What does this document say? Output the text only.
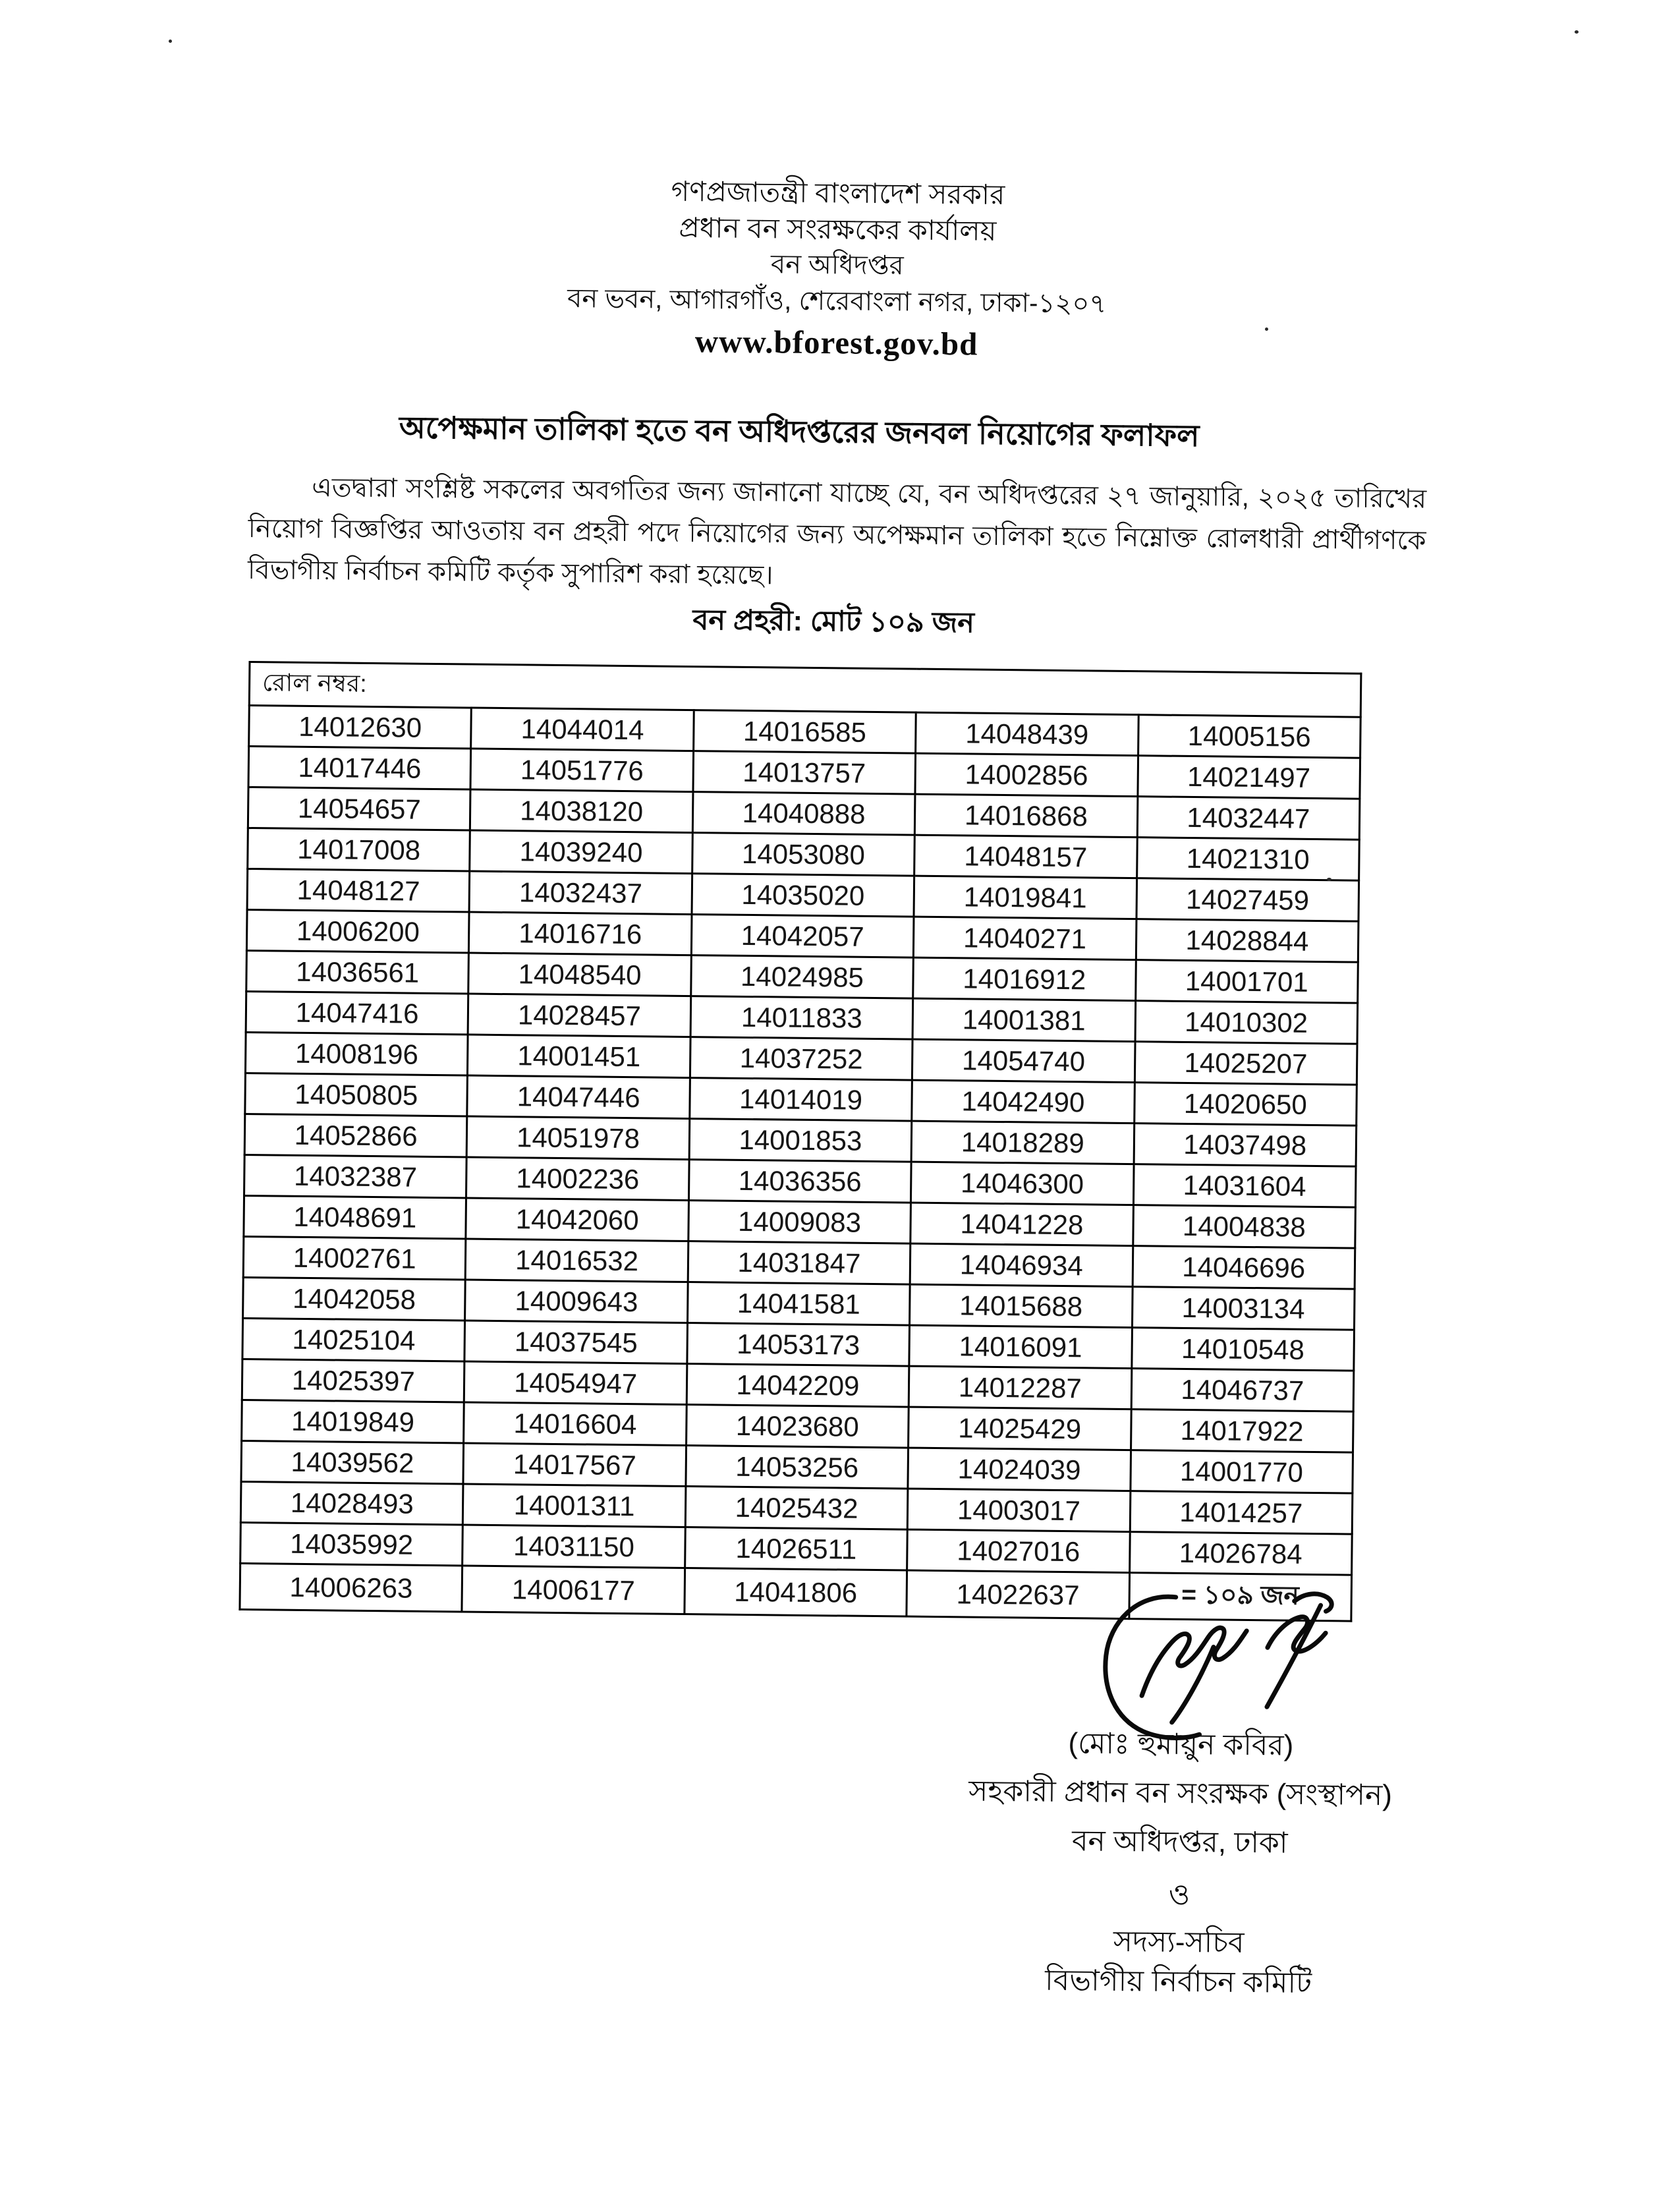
গণপ্রজাতন্ত্রী বাংলাদেশ সরকার
প্রধান বন সংরক্ষকের কার্যালয়
বন অধিদপ্তর
বন ভবন, আগারগাঁও, শেরেবাংলা নগর, ঢাকা-১২০৭
www.bforest.gov.bd
অপেক্ষমান তালিকা হতে বন অধিদপ্তরের জনবল নিয়োগের ফলাফল

এতদ্বারা সংশ্লিষ্ট সকলের অবগতির জন্য জানানো যাচ্ছে যে, বন অধিদপ্তরের ২৭ জানুয়ারি, ২০২৫ তারিখের নিয়োগ বিজ্ঞপ্তির আওতায় বন প্রহরী পদে নিয়োগের জন্য অপেক্ষমান তালিকা হতে নিম্নোক্ত রোলধারী প্রার্থীগণকে বিভাগীয় নির্বাচন কমিটি কর্তৃক সুপারিশ করা হয়েছে।

বন প্রহরী: মোট ১০৯ জন
রোল নম্বর:				
14012630	14044014	14016585	14048439	14005156
14017446	14051776	14013757	14002856	14021497
14054657	14038120	14040888	14016868	14032447
14017008	14039240	14053080	14048157	14021310
14048127	14032437	14035020	14019841	14027459
14006200	14016716	14042057	14040271	14028844
14036561	14048540	14024985	14016912	14001701
14047416	14028457	14011833	14001381	14010302
14008196	14001451	14037252	14054740	14025207
14050805	14047446	14014019	14042490	14020650
14052866	14051978	14001853	14018289	14037498
14032387	14002236	14036356	14046300	14031604
14048691	14042060	14009083	14041228	14004838
14002761	14016532	14031847	14046934	14046696
14042058	14009643	14041581	14015688	14003134
14025104	14037545	14053173	14016091	14010548
14025397	14054947	14042209	14012287	14046737
14019849	14016604	14023680	14025429	14017922
14039562	14017567	14053256	14024039	14001770
14028493	14001311	14025432	14003017	14014257
14035992	14031150	14026511	14027016	14026784
14006263	14006177	14041806	14022637	= ১০৯ জন
(মোঃ হুমায়ুন কবির)
সহকারী প্রধান বন সংরক্ষক (সংস্থাপন)
বন অধিদপ্তর, ঢাকা
ও
সদস্য-সচিব
বিভাগীয় নির্বাচন কমিটি
